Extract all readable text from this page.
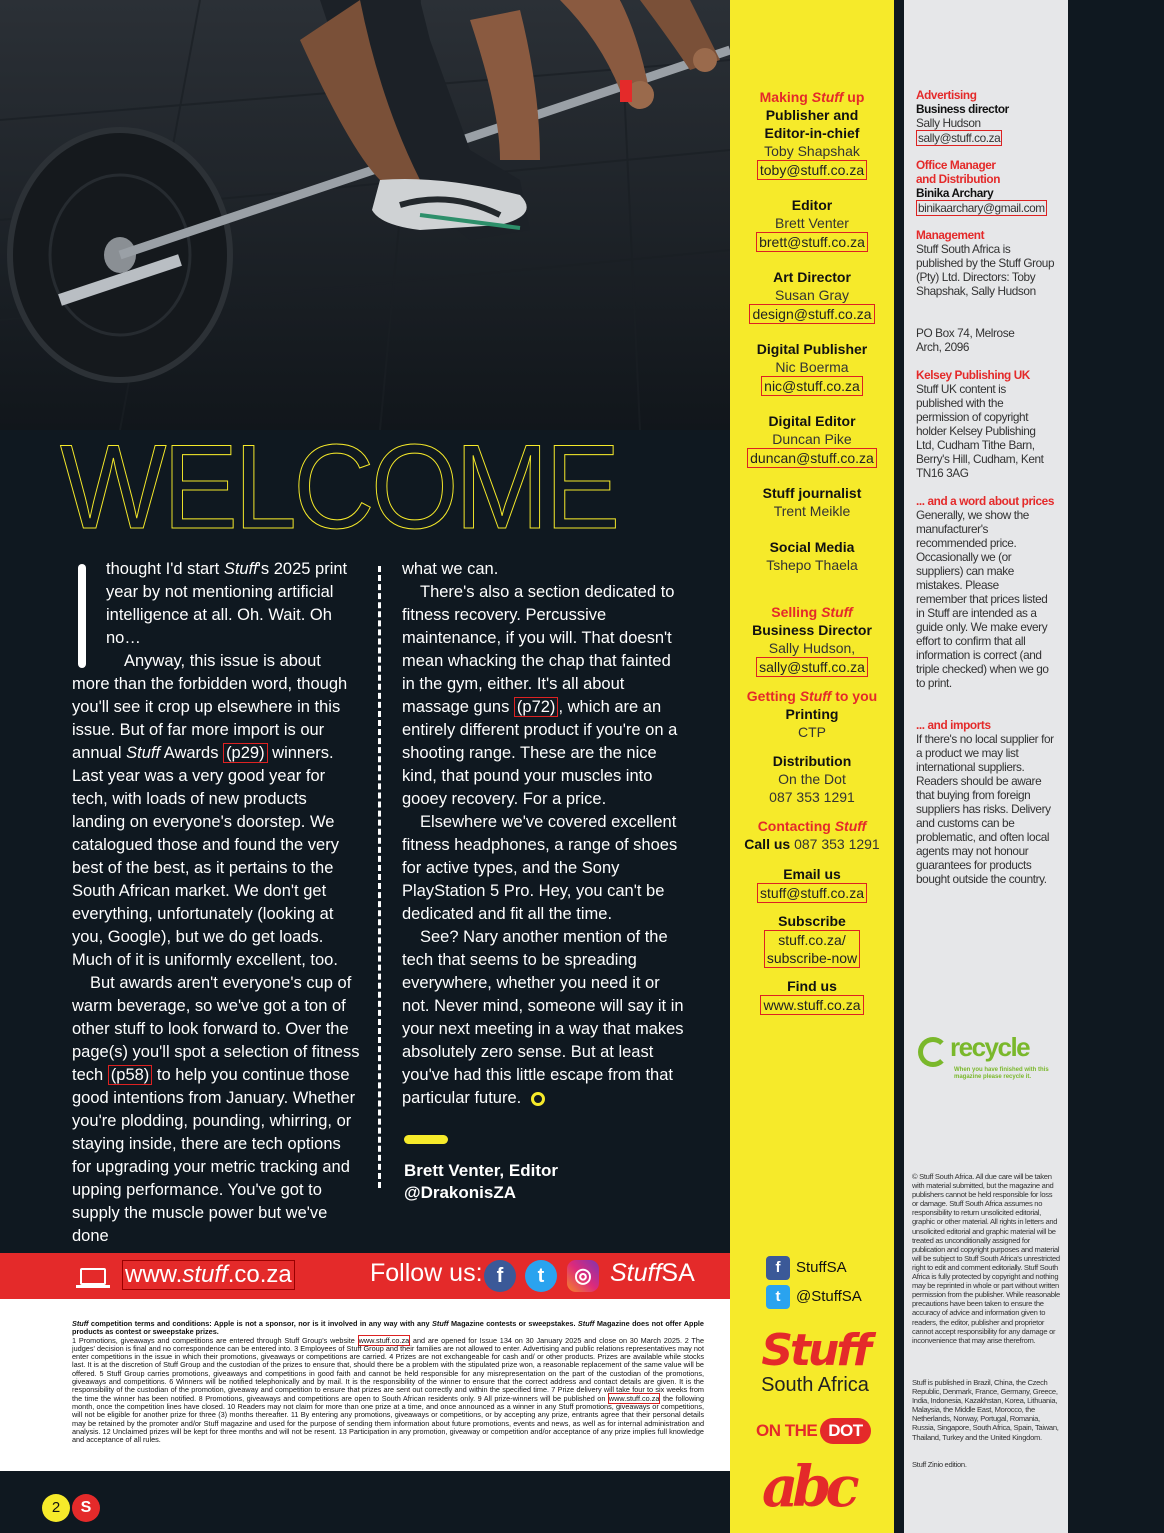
WELCOME

thought I'd start Stuff's 2025 print year by not mentioning artificial intelligence at all. Oh. Wait. Oh no…

Anyway, this issue is about more than the forbidden word, though you'll see it crop up elsewhere in this issue. But of far more import is our annual Stuff Awards (p29) winners. Last year was a very good year for tech, with loads of new products landing on everyone's doorstep. We catalogued those and found the very best of the best, as it pertains to the South African market. We don't get everything, unfortunately (looking at you, Google), but we do get loads. Much of it is uniformly excellent, too.

But awards aren't everyone's cup of warm beverage, so we've got a ton of other stuff to look forward to. Over the page(s) you'll spot a selection of fitness tech (p58) to help you continue those good intentions from January. Whether you're plodding, pounding, whirring, or staying inside, there are tech options for upgrading your metric tracking and upping performance. You've got to supply the muscle power but we've done

what we can.

There's also a section dedicated to fitness recovery. Percussive maintenance, if you will. That doesn't mean whacking the chap that fainted in the gym, either. It's all about massage guns (p72) , which are an entirely different product if you're on a shooting range. These are the nice kind, that pound your muscles into gooey recovery. For a price.

Elsewhere we've covered excellent fitness headphones, a range of shoes for active types, and the Sony PlayStation 5 Pro. Hey, you can't be dedicated and fit all the time.

See? Nary another mention of the tech that seems to be spreading everywhere, whether you need it or not. Never mind, someone will say it in your next meeting in a way that makes absolutely zero sense. But at least you've had this little escape from that particular future.

Brett Venter, Editor
@DrakonisZA
www.stuff.co.za	Follow us: f	t	◎ StuffSA
Stuff competition terms and conditions: Apple is not a sponsor, nor is it involved in any way with any Stuff Magazine contests or sweepstakes. Stuff Magazine does not offer Apple products as contest or sweepstake prizes.
1 Promotions, giveaways and competitions are entered through Stuff Group's website www.stuff.co.za and are opened for Issue 134 on 30 January 2025 and close on 30 March 2025. 2 The judges' decision is final and no correspondence can be entered into. 3 Employees of Stuff Group and their families are not allowed to enter. Advertising and public relations representatives may not enter competitions in the issue in which their promotions, giveaways or competitions are carried. 4 Prizes are not exchangeable for cash and/ or other products. Prizes are available while stocks last. It is at the discretion of Stuff Group and the custodian of the prizes to ensure that, should there be a problem with the stipulated prize won, a reasonable replacement of the same value will be offered. 5 Stuff Group carries promotions, giveaways and competitions in good faith and cannot be held responsible for any misrepresentation on the part of the custodian of the promotions, giveaways and competitions. 6 Winners will be notified telephonically and by mail. It is the responsibility of the winner to ensure that the correct address and contact details are given. It is the responsibility of the custodian of the promotion, giveaway and competition to ensure that prizes are sent out correctly and within the specified time. 7 Prize delivery will take four to six weeks from the time the winner has been notified. 8 Promotions, giveaways and competitions are open to South African residents only. 9 All prize-winners will be published on www.stuff.co.za the following month, once the competition lines have closed. 10 Readers may not claim for more than one prize at a time, and once announced as a winner in any Stuff promotions, giveaways or competitions, will not be eligible for another prize for three (3) months thereafter. 11 By entering any promotions, giveaways or competitions, or by accepting any prize, entrants agree that their personal details may be retained by the promoter and/or Stuff magazine and used for the purpose of sending them information about future promotions, events and news, as well as for internal administration and analysis. 12 Unclaimed prizes will be kept for three months and will not be resent. 13 Participation in any promotion, giveaway or competition and/or acceptance of any prize implies full knowledge and acceptance of all rules.
2	S
Making Stuff up
Publisher and Editor-in-chief
Toby Shapshak
toby@stuff.co.za
Editor
Brett Venter
brett@stuff.co.za
Art Director
Susan Gray
design@stuff.co.za
Digital Publisher
Nic Boerma
nic@stuff.co.za
Digital Editor
Duncan Pike
duncan@stuff.co.za
Stuff journalist
Trent Meikle
Social Media
Tshepo Thaela
Selling Stuff
Business Director
Sally Hudson,
sally@stuff.co.za
Getting Stuff to you
Printing
CTP
Distribution
On the Dot
087 353 1291
Contacting Stuff
Call us 087 353 1291
Email us
stuff@stuff.co.za
Subscribe
stuff.co.za/
subscribe-now
Find us
www.stuff.co.za
f StuffSA
t @StuffSA
Stuff
South Africa
ON THE DOT
abc

Advertising

Business director

Sally Hudson

sally@stuff.co.za

Office Manager and Distribution

Binika Archary

binikaarchary@gmail.com

Management

Stuff South Africa is published by the Stuff Group (Pty) Ltd. Directors: Toby Shapshak, Sally Hudson

PO Box 74, Melrose Arch, 2096

Kelsey Publishing UK

Stuff UK content is published with the permission of copyright holder Kelsey Publishing Ltd, Cudham Tithe Barn, Berry's Hill, Cudham, Kent TN16 3AG

... and a word about prices

Generally, we show the manufacturer's recommended price. Occasionally we (or suppliers) can make mistakes. Please remember that prices listed in Stuff are intended as a guide only. We make every effort to confirm that all information is correct (and triple checked) when we go to print.

... and imports

If there's no local supplier for a product we may list international suppliers. Readers should be aware that buying from foreign suppliers has risks. Delivery and customs can be problematic, and often local agents may not honour guarantees for products bought outside the country.

recycle
When you have finished with this magazine please recycle it.
© Stuff South Africa. All due care will be taken with material submitted, but the magazine and publishers cannot be held responsible for loss or damage. Stuff South Africa assumes no responsibility to return unsolicited editorial, graphic or other material. All rights in letters and unsolicited editorial and graphic material will be treated as unconditionally assigned for publication and copyright purposes and material will be subject to Stuff South Africa's unrestricted right to edit and comment editorially. Stuff South Africa is fully protected by copyright and nothing may be reprinted in whole or part without written permission from the publisher. While reasonable precautions have been taken to ensure the accuracy of advice and information given to readers, the editor, publisher and proprietor cannot accept responsibility for any damage or inconvenience that may arise therefrom.
Stuff is published in Brazil, China, the Czech Republic, Denmark, France, Germany, Greece, India, Indonesia, Kazakhstan, Korea, Lithuania, Malaysia, the Middle East, Morocco, the Netherlands, Norway, Portugal, Romania, Russia, Singapore, South Africa, Spain, Taiwan, Thailand, Turkey and the United Kingdom.
Stuff Zinio edition.
